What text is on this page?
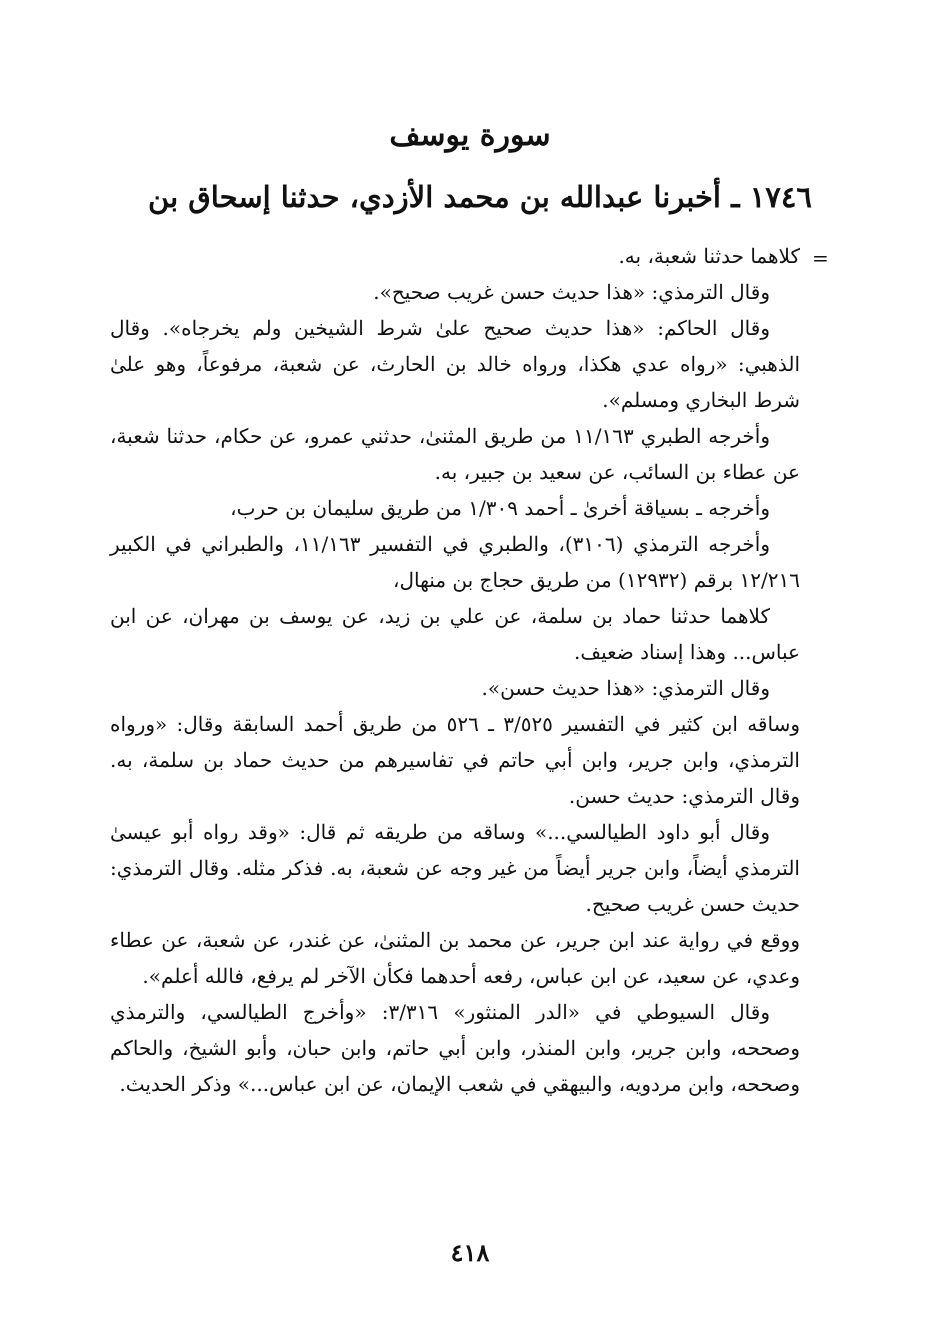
سورة يوسف
١٧٤٦ ـ أخبرنا عبدالله بن محمد الأزدي، حدثنا إسحاق بن
=

كلاهما حدثنا شعبة، به.

وقال الترمذي: «هذا حديث حسن غريب صحيح».

وقال الحاكم: «هذا حديث صحيح علىٰ شرط الشيخين ولم يخرجاه». وقال الذهبي: «رواه عدي هكذا، ورواه خالد بن الحارث، عن شعبة، مرفوعاً، وهو علىٰ شرط البخاري ومسلم».

وأخرجه الطبري ١١/١٦٣ من طريق المثنىٰ، حدثني عمرو، عن حكام، حدثنا شعبة، عن عطاء بن السائب، عن سعيد بن جبير، به.

وأخرجه ـ بسياقة أخرىٰ ـ أحمد ١/٣٠٩ من طريق سليمان بن حرب،

وأخرجه الترمذي (٣١٠٦)، والطبري في التفسير ١١/١٦٣، والطبراني في الكبير ١٢/٢١٦ برقم (١٢٩٣٢) من طريق حجاج بن منهال،

كلاهما حدثنا حماد بن سلمة، عن علي بن زيد، عن يوسف بن مهران، عن ابن عباس... وهذا إسناد ضعيف.

وقال الترمذي: «هذا حديث حسن».

وساقه ابن كثير في التفسير ٣/٥٢٥ ـ ٥٢٦ من طريق أحمد السابقة وقال: «ورواه الترمذي، وابن جرير، وابن أبي حاتم في تفاسيرهم من حديث حماد بن سلمة، به. وقال الترمذي: حديث حسن.

وقال أبو داود الطيالسي...» وساقه من طريقه ثم قال: «وقد رواه أبو عيسىٰ الترمذي أيضاً، وابن جرير أيضاً من غير وجه عن شعبة، به. فذكر مثله. وقال الترمذي: حديث حسن غريب صحيح.

ووقع في رواية عند ابن جرير، عن محمد بن المثنىٰ، عن غندر، عن شعبة، عن عطاء وعدي، عن سعيد، عن ابن عباس، رفعه أحدهما فكأن الآخر لم يرفع، فالله أعلم».

وقال السيوطي في «الدر المنثور» ٣/٣١٦: «وأخرج الطيالسي، والترمذي وصححه، وابن جرير، وابن المنذر، وابن أبي حاتم، وابن حبان، وأبو الشيخ، والحاكم وصححه، وابن مردويه، والبيهقي في شعب الإيمان، عن ابن عباس...» وذكر الحديث.

٤١٨
